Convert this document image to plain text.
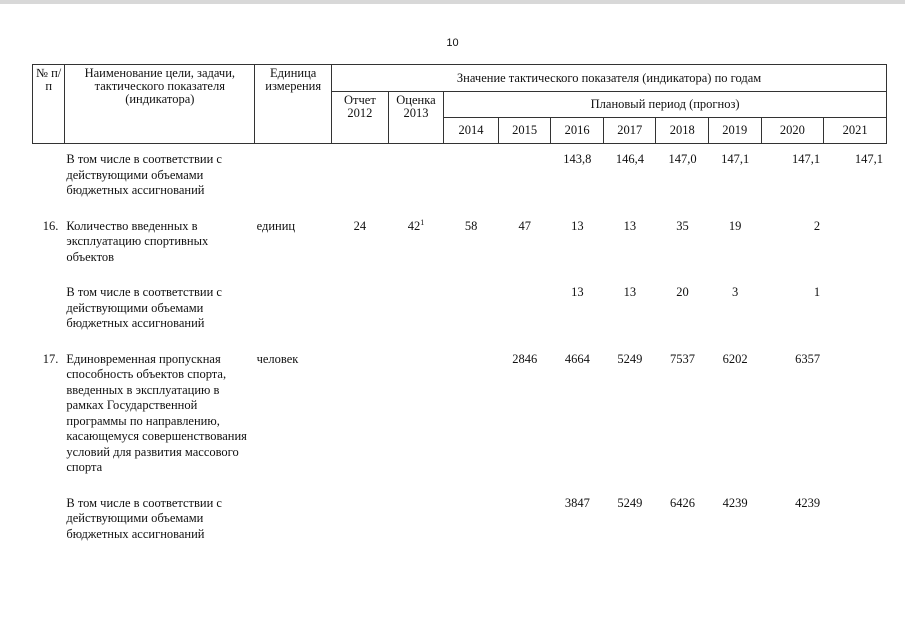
10
№ п/п	Наименование цели, задачи, тактического показателя (индикатора)	Единица измерения	Значение тактического показателя (индикатора) по годам									
			Отчет 2012	Оценка 2013	Плановый период (прогноз)							
					2014	2015	2016	2017	2018	2019	2020	2021
	В том числе в соответствии с действующими объемами бюджетных ассигнований						143,8	146,4	147,0	147,1	147,1	147,1
16.	Количество введенных в эксплуатацию спортивных объектов	единиц	24	$42^1$	58	47	13	13	35	19	2	
	В том числе в соответствии с действующими объемами бюджетных ассигнований						13	13	20	3	1	
17.	Единовременная пропускная способность объектов спорта, введенных в эксплуатацию в рамках Государственной программы по направлению, касающемуся совершенствования условий для развития массового спорта	человек				2846	4664	5249	7537	6202	6357	
	В том числе в соответствии с действующими объемами бюджетных ассигнований						3847	5249	6426	4239	4239	
